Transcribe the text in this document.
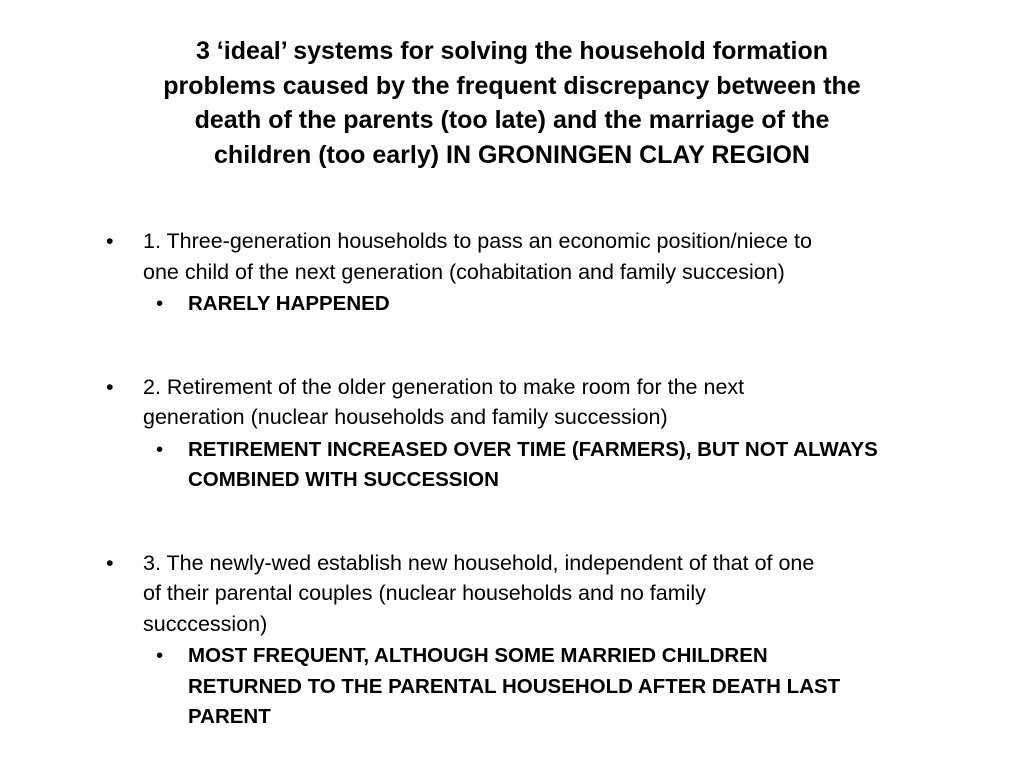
3 ‘ideal’ systems for solving the household formation
problems caused by the frequent discrepancy between the
death of the parents (too late) and the marriage of the
children (too early) IN GRONINGEN CLAY REGION
• 1. Three-generation households to pass an economic position/niece to
one child of the next generation (cohabitation and family succesion)
• RARELY HAPPENED
• 2. Retirement of the older generation to make room for the next
generation (nuclear households and family succession)
• RETIREMENT INCREASED OVER TIME (FARMERS), BUT NOT ALWAYS
COMBINED WITH SUCCESSION
• 3. The newly-wed establish new household, independent of that of one
of their parental couples (nuclear households and no family
succcession)
• MOST FREQUENT, ALTHOUGH SOME MARRIED CHILDREN
RETURNED TO THE PARENTAL HOUSEHOLD AFTER DEATH LAST
PARENT
